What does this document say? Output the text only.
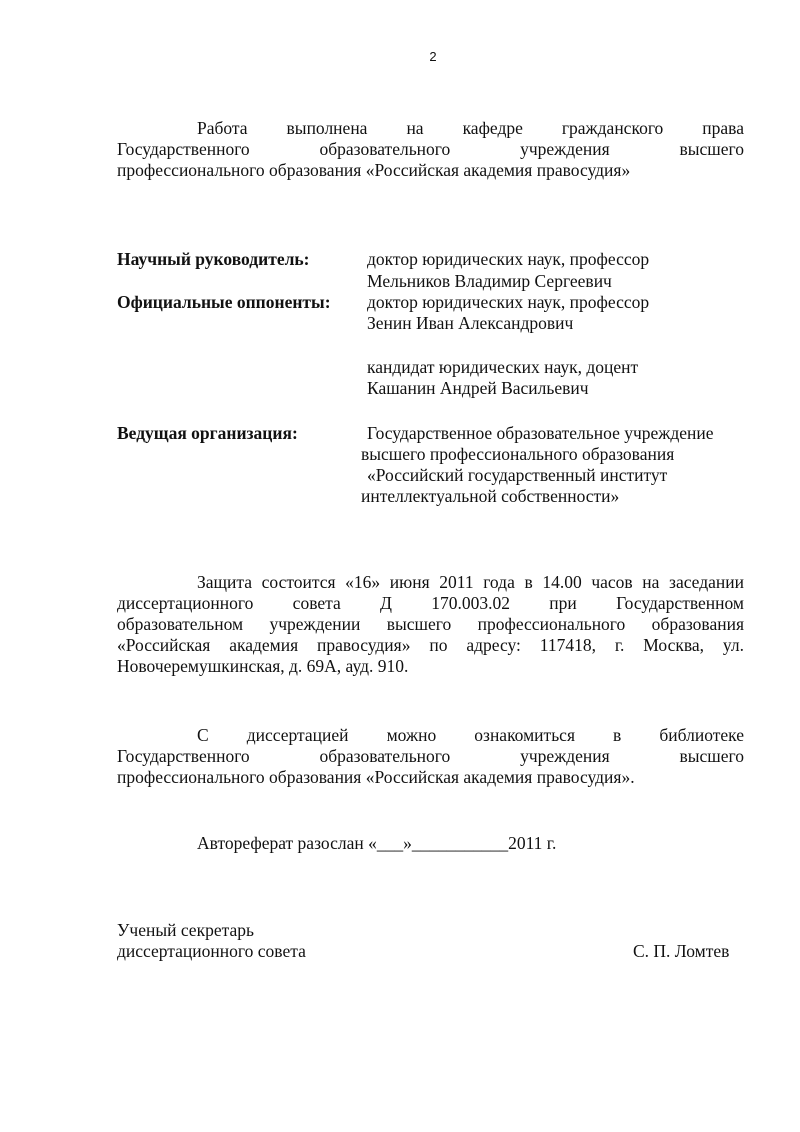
2
Работа выполнена на кафедре гражданского права
Государственного образовательного учреждения высшего
профессионального образования «Российская академия правосудия»
Научный руководитель:	доктор юридических наук, профессор
Мельников Владимир Сергеевич
Официальные оппоненты: доктор юридических наук, профессор
Зенин Иван Александрович
кандидат юридических наук, доцент
Кашанин Андрей Васильевич
Ведущая организация:	Государственное образовательное учреждение
высшего профессионального образования
«Российский государственный институт
интеллектуальной собственности»
Защита состоится «16» июня 2011 года в 14.00 часов на заседании
диссертационного совета Д 170.003.02 при Государственном
образовательном учреждении высшего профессионального образования
«Российская академия правосудия» по адресу: 117418, г. Москва, ул.
Новочеремушкинская, д. 69А, ауд. 910.
С диссертацией можно ознакомиться в библиотеке
Государственного образовательного учреждения высшего
профессионального образования «Российская академия правосудия».
Автореферат разослан «___»___________2011 г.
Ученый секретарь
диссертационного совета	С. П. Ломтев
